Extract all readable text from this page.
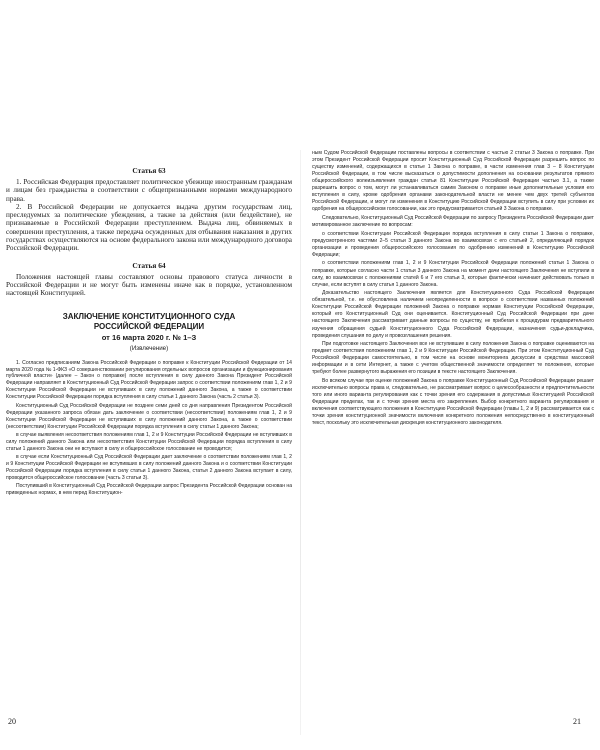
Статья 63

1. Российская Федерация предоставляет политическое убежище иностранным гражданам и лицам без гражданства в соответствии с общепризнанными нормами международного права.

2. В Российской Федерации не допускается выдача другим государствам лиц, преследуемых за политические убеждения, а также за действия (или бездействие), не признаваемые в Российской Федерации преступлением. Выдача лиц, обвиняемых в совершении преступления, а также передача осужденных для отбывания наказания в других государствах осуществляются на основе федерального закона или международного договора Российской Федерации.

Статья 64

Положения настоящей главы составляют основы правового статуса личности в Российской Федерации и не могут быть изменены иначе как в порядке, установленном настоящей Конституцией.

ЗАКЛЮЧЕНИЕ КОНСТИТУЦИОННОГО СУДА
РОССИЙСКОЙ ФЕДЕРАЦИИ
от 16 марта 2020 г. № 1–З
(Извлечение)

1. Согласно предписаниям Закона Российской Федерации о поправке к Конституции Российской Федерации от 14 марта 2020 года № 1-ФКЗ «О совершенствовании регулирования отдельных вопросов организации и функционирования публичной власти» (далее – Закон о поправке) после вступления в силу данного Закона Президент Российской Федерации направляет в Конституционный Суд Российской Федерации запрос о соответствии положениям глав 1, 2 и 9 Конституции Российской Федерации не вступивших в силу положений данного Закона, а также о соответствии Конституции Российской Федерации порядка вступления в силу статьи 1 данного Закона (часть 2 статьи 3).

Конституционный Суд Российской Федерации не позднее семи дней со дня направления Президентом Российской Федерации указанного запроса обязан дать заключение о соответствии (несоответствии) положениям глав 1, 2 и 9 Конституции Российской Федерации не вступивших в силу положений данного Закона, а также о соответствии (несоответствии) Конституции Российской Федерации порядка вступления в силу статьи 1 данного Закона;

в случае выявления несоответствия положениям глав 1, 2 и 9 Конституции Российской Федерации не вступивших в силу положений данного Закона или несоответствия Конституции Российской Федерации порядка вступления в силу статьи 1 данного Закона они не вступают в силу и общероссийское голосование не проводится;

в случае если Конституционный Суд Российской Федерации дает заключение о соответствии положениям глав 1, 2 и 9 Конституции Российской Федерации не вступивших в силу положений данного Закона и о соответствии Конституции Российской Федерации порядка вступления в силу статьи 1 данного Закона, статья 2 данного Закона вступает в силу, проводится общероссийское голосование (часть 3 статьи 3).

Поступивший в Конституционный Суд Российской Федерации запрос Президента Российской Федерации основан на приведенных нормах, в нем перед Конституцион-

ным Судом Российской Федерации поставлены вопросы в соответствии с частью 2 статьи 3 Закона о поправке. При этом Президент Российской Федерации просит Конституционный Суд Российской Федерации разрешить вопрос по существу изменений, содержащихся в статье 1 Закона о поправке, в части изменения глав 3 – 8 Конституции Российской Федерации, в том числе высказаться о допустимости дополнения на основании результатов прямого общероссийского волеизъявления граждан статьи 81 Конституции Российской Федерации частью 3.1, а также разрешить вопрос о том, могут ли устанавливаться самим Законом о поправке иные дополнительные условия его вступления в силу, кроме одобрения органами законодательной власти не менее чем двух третей субъектов Российской Федерации, и могут ли изменения в Конституцию Российской Федерации вступить в силу при условии их одобрения на общероссийском голосовании, как это предусматривается статьей 3 Закона о поправке.

Следовательно, Конституционный Суд Российской Федерации по запросу Президента Российской Федерации дает мотивированное заключение по вопросам:

о соответствии Конституции Российской Федерации порядка вступления в силу статьи 1 Закона о поправке, предусмотренного частями 2–5 статьи 3 данного Закона во взаимосвязи с его статьей 2, определяющей порядок организации и проведения общероссийского голосования по одобрению изменений в Конституцию Российской Федерации;

о соответствии положениям глав 1, 2 и 9 Конституции Российской Федерации положений статьи 1 Закона о поправке, которые согласно части 1 статьи 3 данного Закона на момент дачи настоящего Заключения не вступили в силу, во взаимосвязи с положениями статей 6 и 7 его статьи 3, которые фактически начинают действовать только в случае, если вступят в силу статья 1 данного Закона.

Доказательство настоящего Заключения является для Конституционного Суда Российской Федерации обязательной, т.е. не обусловлена наличием неопределенности в вопросе о соответствии названных положений Конституции Российской Федерации положений Закона о поправке нормам Конституции Российской Федерации, который его Конституционный Суд они оценивается. Конституционный Суд Российской Федерации при даче настоящего Заключения рассматривает данные вопросы по существу, не прибегая к процедурам предварительного изучения обращения судьей Конституционного Суда Российской Федерации, назначения судьи-докладчика, проведения слушания по делу и провозглашения решения.

При подготовке настоящего Заключения все не вступившие в силу положения Закона о поправке оцениваются на предмет соответствия положениям глав 1, 2 и 9 Конституции Российской Федерации. При этом Конституционный Суд Российской Федерации самостоятельно, в том числе на основе мониторинга дискуссии в средствах массовой информации и в сети Интернет, а также с учетом общественной значимости определяет те положения, которые требуют более развернутого выражения его позиции в тексте настоящего Заключения.

Во всяком случае при оценке положений Закона о поправке Конституционный Суд Российской Федерации решает исключительно вопросы права и, следовательно, не рассматривает вопрос о целесообразности и предпочтительности того или иного варианта регулирования как с точки зрения его содержания в допустимых Конституцией Российской Федерации пределах, так и с точки зрения места его закрепления. Выбор конкретного варианта регулирования и включения соответствующего положения в Конституцию Российской Федерации (главы 1, 2 и 9) рассматривается как с точки зрения конституционной значимости включения конкретного положения непосредственно в конституционный текст, поскольку это исключительная дискреция конституционного законодателя.

20	21
